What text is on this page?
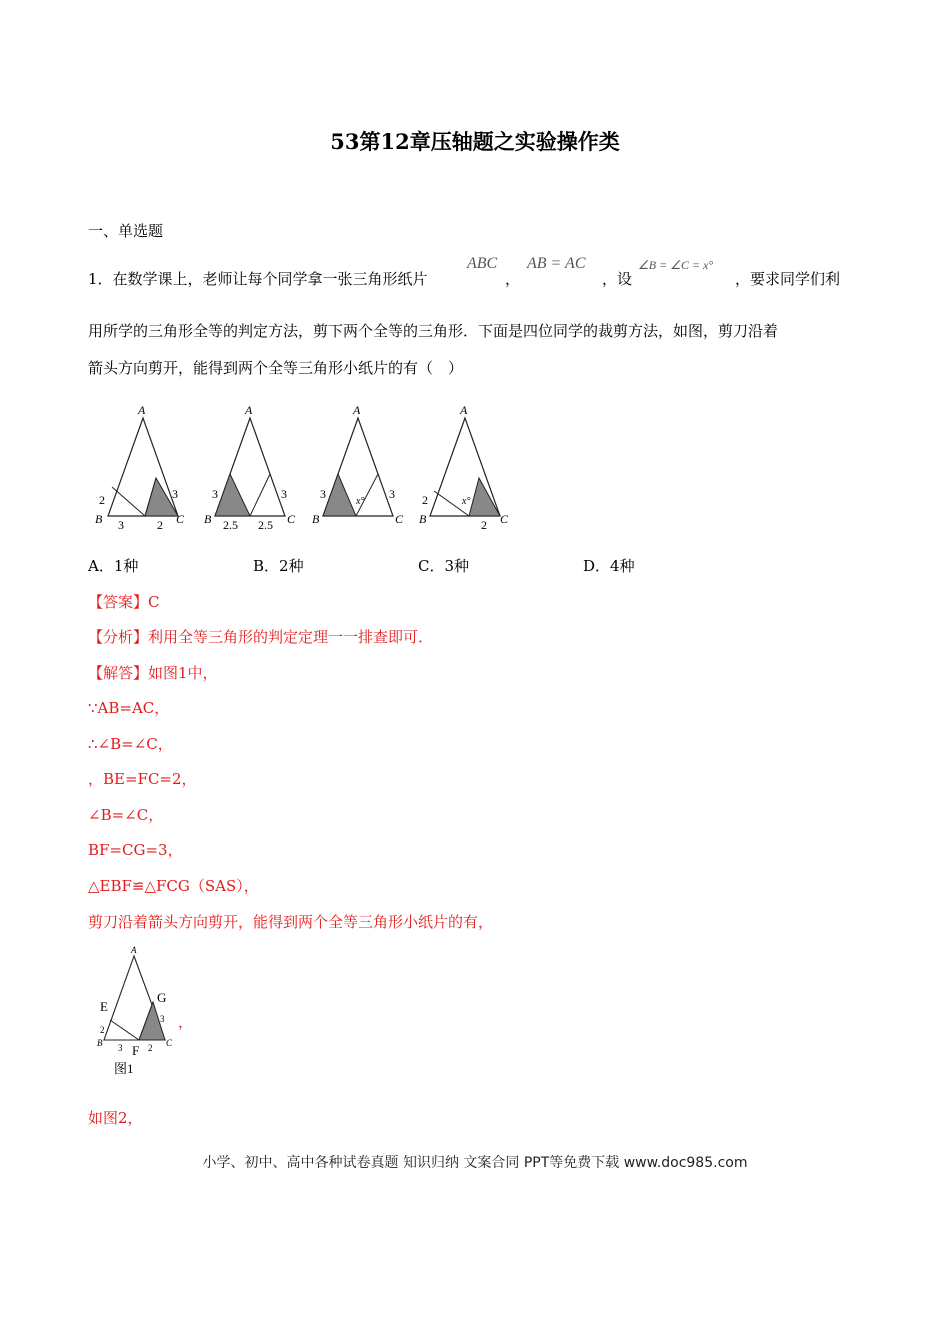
53第12章压轴题之实验操作类
一、单选题
1．在数学课上，老师让每个同学拿一张三角形纸片
ABC
，
AB = AC
，设
∠B = ∠C = x°
，要求同学们利
用所学的三角形全等的判定方法，剪下两个全等的三角形．下面是四位同学的裁剪方法，如图，剪刀沿着
箭头方向剪开，能得到两个全等三角形小纸片的有（　）
A
B	C
2
3	2
3
A
B	C
3
2.5 2.5
3
A
B	C
3	3
x°
A
B	C
2
2
x°
A．1种	B．2种	C．3种	D．4种
【答案】C
【分析】利用全等三角形的判定定理一一排查即可．
【解答】如图1中，
∵AB=AC，
∴∠B=∠C，
，BE=FC=2，
∠B=∠C，
BF=CG=3，
△EBF≌△FCG（SAS），
剪刀沿着箭头方向剪开，能得到两个全等三角形小纸片的有，
A
E
G
B	C
2
3
3	2
F
图1
，
如图2，
小学、初中、高中各种试卷真题 知识归纳 文案合同 PPT等免费下载 www.doc985.com
